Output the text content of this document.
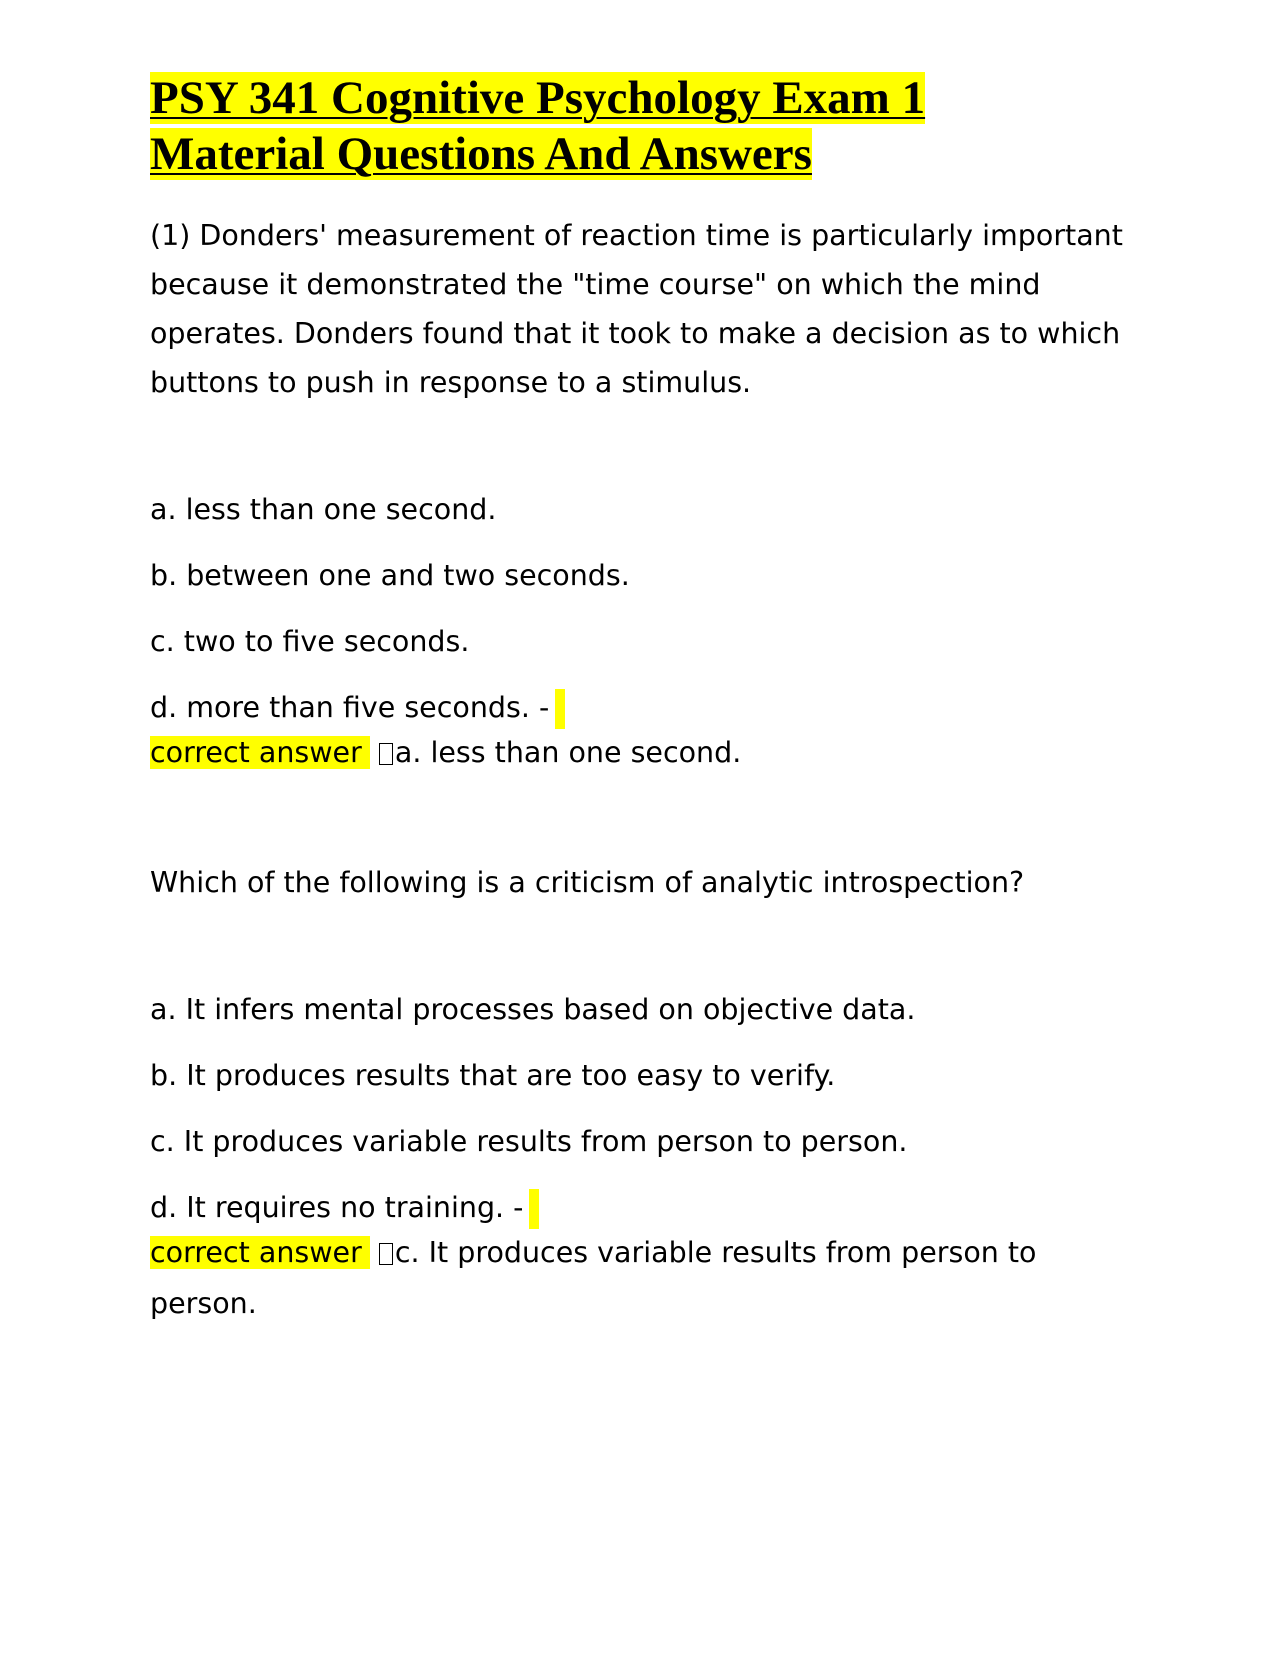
PSY 341 Cognitive Psychology Exam 1
Material Questions And Answers

(1) Donders' measurement of reaction time is particularly important because it demonstrated the "time course" on which the mind operates. Donders found that it took to make a decision as to which buttons to push in response to a stimulus.

a. less than one second.

b. between one and two seconds.

c. two to five seconds.

d. more than five seconds. -

correct answer a. less than one second.

Which of the following is a criticism of analytic introspection?

a. It infers mental processes based on objective data.

b. It produces results that are too easy to verify.

c. It produces variable results from person to person.

d. It requires no training. -

correct answer c. It produces variable results from person to person.
